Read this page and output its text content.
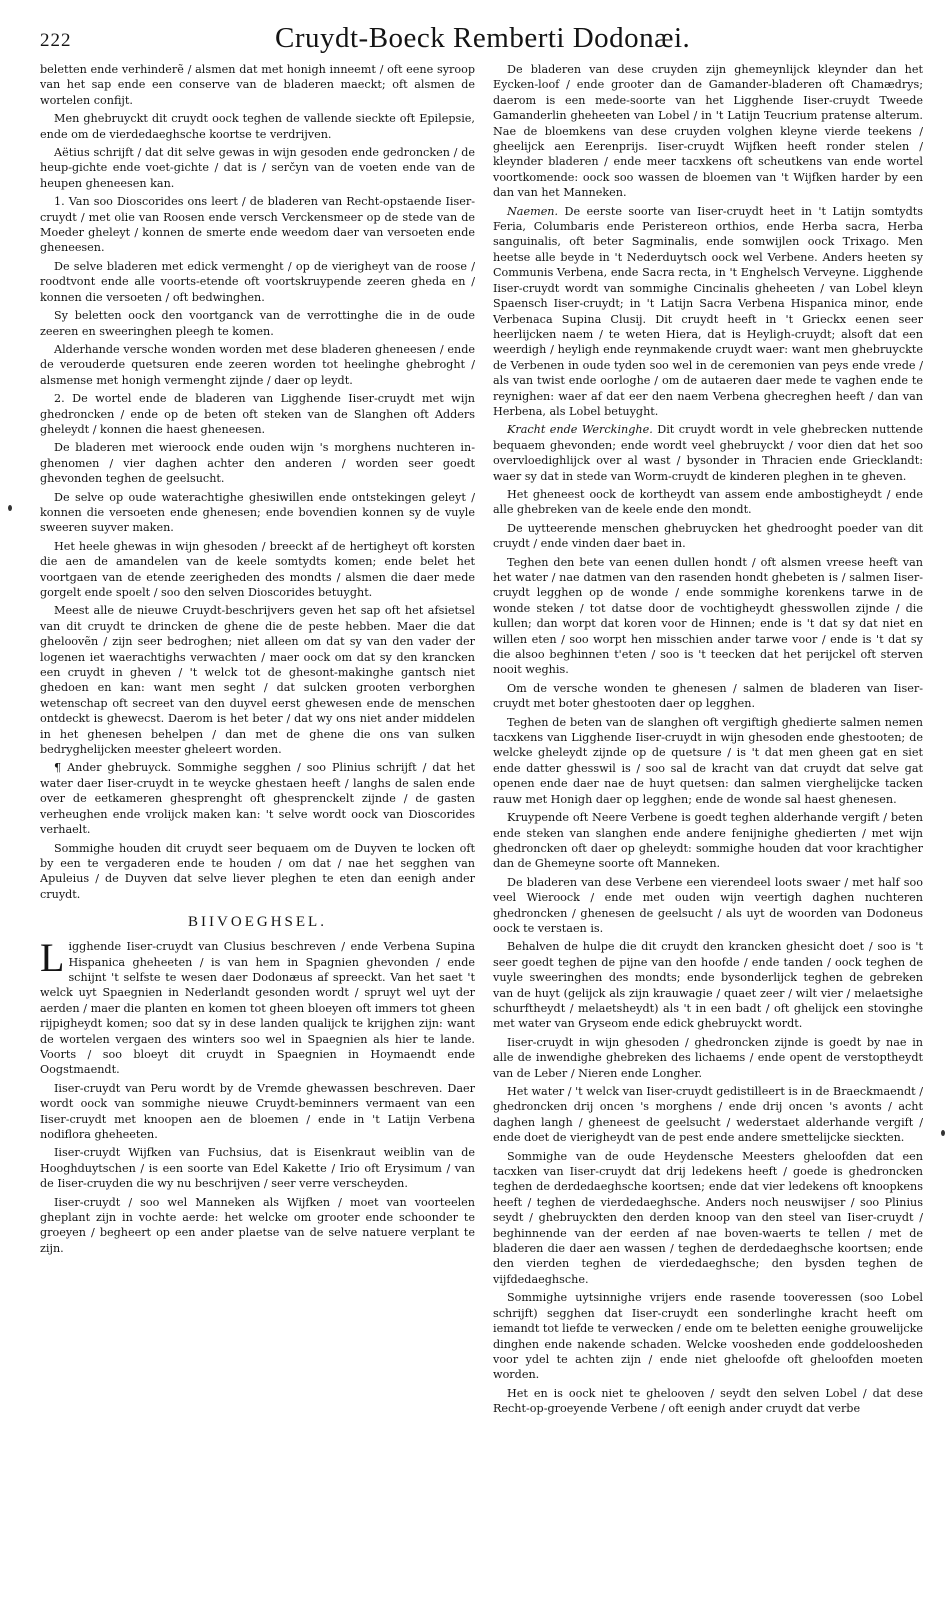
222	Cruydt-Boeck Remberti Dodonæi.

beletten ende verhinderẽ / alsmen dat met honigh inneemt / oft eene syroop van het sap ende een conserve van de bladeren maeckt; oft alsmen de wortelen confijt.

Men ghebruyckt dit cruydt oock teghen de vallende sieckte oft Epilepsie, ende om de vierdedaeghsche koortse te verdrijven.

Aëtius schrijft / dat dit selve gewas in wijn gesoden ende gedroncken / de heup-gichte ende voet-gichte / dat is / serčyn van de voeten ende van de heupen gheneesen kan.

1. Van soo Dioscorides ons leert / de bladeren van Recht-opstaende Iiser-cruydt / met olie van Roosen ende versch Verckensmeer op de stede van de Moeder gheleyt / konnen de smerte ende weedom daer van versoeten ende gheneesen.

De selve bladeren met edick vermenght / op de vierigheyt van de roose / roodtvont ende alle voorts-etende oft voortskruypende zeeren gheda en / konnen die versoeten / oft bedwinghen.

Sy beletten oock den voortganck van de verrottinghe die in de oude zeeren en sweeringhen pleegh te komen.

Alderhande versche wonden worden met dese bladeren gheneesen / ende de verouderde quetsuren ende zeeren worden tot heelinghe ghebroght / alsmense met honigh vermenght zijnde / daer op leydt.

2. De wortel ende de bladeren van Ligghende Iiser-cruydt met wijn ghedroncken / ende op de beten oft steken van de Slanghen oft Adders gheleydt / konnen die haest gheneesen.

De bladeren met wieroock ende ouden wijn 's morghens nuchteren in-ghenomen / vier daghen achter den anderen / worden seer goedt ghevonden teghen de geelsucht.

De selve op oude waterachtighe ghesiwillen ende ontstekingen geleyt / konnen die versoeten ende ghenesen; ende bovendien konnen sy de vuyle sweeren suyver maken.

Het heele ghewas in wijn ghesoden / breeckt af de hertigheyt oft korsten die aen de amandelen van de keele somtydts komen; ende belet het voortgaen van de etende zeerigheden des mondts / alsmen die daer mede gorgelt ende spoelt / soo den selven Dioscorides betuyght.

Meest alle de nieuwe Cruydt-beschrijvers geven het sap oft het afsietsel van dit cruydt te drincken de ghene die de peste hebben. Maer die dat gheloovẽn / zijn seer bedroghen; niet alleen om dat sy van den vader der logenen iet waerachtighs verwachten / maer oock om dat sy den krancken een cruydt in gheven / 't welck tot de ghesont-makinghe gantsch niet ghedoen en kan: want men seght / dat sulcken grooten verborghen wetenschap oft secreet van den duyvel eerst ghewesen ende de menschen ontdeckt is ghewecst. Daerom is het beter / dat wy ons niet ander middelen in het ghenesen behelpen / dan met de ghene die ons van sulken bedryghelijcken meester gheleert worden.

¶ Ander ghebruyck. Sommighe segghen / soo Plinius schrijft / dat het water daer Iiser-cruydt in te weycke ghestaen heeft / langhs de salen ende over de eetkameren ghesprenght oft ghesprenckelt zijnde / de gasten verheughen ende vrolijck maken kan: 't selve wordt oock van Dioscorides verhaelt.

Sommighe houden dit cruydt seer bequaem om de Duyven te locken oft by een te vergaderen ende te houden / om dat / nae het segghen van Apuleius / de Duyven dat selve liever pleghen te eten dan eenigh ander cruydt.

BIIVOEGHSEL.

Ligghende Iiser-cruydt van Clusius beschreven / ende Verbena Supina Hispanica gheheeten / is van hem in Spagnien ghevonden / ende schijnt 't selfste te wesen daer Dodonæus af spreeckt. Van het saet 't welck uyt Spaegnien in Nederlandt gesonden wordt / spruyt wel uyt der aerden / maer die planten en komen tot gheen bloeyen oft immers tot gheen rijpigheydt komen; soo dat sy in dese landen qualijck te krijghen zijn: want de wortelen vergaen des winters soo wel in Spaegnien als hier te lande. Voorts / soo bloeyt dit cruydt in Spaegnien in Hoymaendt ende Oogstmaendt.

Iiser-cruydt van Peru wordt by de Vremde ghewassen beschreven. Daer wordt oock van sommighe nieuwe Cruydt-beminners vermaent van een Iiser-cruydt met knoopen aen de bloemen / ende in 't Latijn Verbena nodiflora gheheeten.

Iiser-cruydt Wijfken van Fuchsius, dat is Eisenkraut weiblin van de Hooghduytschen / is een soorte van Edel Kakette / Irio oft Erysimum / van de Iiser-cruyden die wy nu beschrijven / seer verre verscheyden.

Iiser-cruydt / soo wel Manneken als Wijfken / moet van voorteelen gheplant zijn in vochte aerde: het welcke om grooter ende schoonder te groeyen / begheert op een ander plaetse van de selve natuere verplant te zijn.

De bladeren van dese cruyden zijn ghemeynlijck kleynder dan het Eycken-loof / ende grooter dan de Gamander-bladeren oft Chamædrys; daerom is een mede-soorte van het Ligghende Iiser-cruydt Tweede Gamanderlin gheheeten van Lobel / in 't Latijn Teucrium pratense alterum. Nae de bloemkens van dese cruyden volghen kleyne vierde teekens / gheelijck aen Eerenprijs. Iiser-cruydt Wijfken heeft ronder stelen / kleynder bladeren / ende meer tacxkens oft scheutkens van ende wortel voortkomende: oock soo wassen de bloemen van 't Wijfken harder by een dan van het Manneken.

Naemen. De eerste soorte van Iiser-cruydt heet in 't Latijn somtydts Feria, Columbaris ende Peristereon orthios, ende Herba sacra, Herba sanguinalis, oft beter Sagminalis, ende somwijlen oock Trixago. Men heetse alle beyde in 't Nederduytsch oock wel Verbene. Anders heeten sy Communis Verbena, ende Sacra recta, in 't Enghelsch Verveyne. Ligghende Iiser-cruydt wordt van sommighe Cincinalis gheheeten / van Lobel kleyn Spaensch Iiser-cruydt; in 't Latijn Sacra Verbena Hispanica minor, ende Verbenaca Supina Clusij. Dit cruydt heeft in 't Grieckx eenen seer heerlijcken naem / te weten Hiera, dat is Heyligh-cruydt; alsoft dat een weerdigh / heyligh ende reynmakende cruydt waer: want men ghebruyckte de Verbenen in oude tyden soo wel in de ceremonien van peys ende vrede / als van twist ende oorloghe / om de autaeren daer mede te vaghen ende te reynighen: waer af dat eer den naem Verbena ghecreghen heeft / dan van Herbena, als Lobel betuyght.

Kracht ende Werckinghe. Dit cruydt wordt in vele ghebrecken nuttende bequaem ghevonden; ende wordt veel ghebruyckt / voor dien dat het soo overvloedighlijck over al wast / bysonder in Thracien ende Griecklandt: waer sy dat in stede van Worm-cruydt de kinderen pleghen in te gheven.

Het gheneest oock de kortheydt van assem ende ambostigheydt / ende alle ghebreken van de keele ende den mondt.

De uytteerende menschen ghebruycken het ghedrooght poeder van dit cruydt / ende vinden daer baet in.

Teghen den bete van eenen dullen hondt / oft alsmen vreese heeft van het water / nae datmen van den rasenden hondt ghebeten is / salmen Iiser-cruydt legghen op de wonde / ende sommighe korenkens tarwe in de wonde steken / tot datse door de vochtigheydt ghesswollen zijnde / die kullen; dan worpt dat koren voor de Hinnen; ende is 't dat sy dat niet en willen eten / soo worpt hen misschien ander tarwe voor / ende is 't dat sy die alsoo beghinnen t'eten / soo is 't teecken dat het perijckel oft sterven nooit weghis.

Om de versche wonden te ghenesen / salmen de bladeren van Iiser-cruydt met boter ghestooten daer op legghen.

Teghen de beten van de slanghen oft vergiftigh ghedierte salmen nemen tacxkens van Ligghende Iiser-cruydt in wijn ghesoden ende ghestooten; de welcke gheleydt zijnde op de quetsure / is 't dat men gheen gat en siet ende datter ghesswil is / soo sal de kracht van dat cruydt dat selve gat openen ende daer nae de huyt quetsen: dan salmen vierghelijcke tacken rauw met Honigh daer op legghen; ende de wonde sal haest ghenesen.

Kruypende oft Neere Verbene is goedt teghen alderhande vergift / beten ende steken van slanghen ende andere fenijnighe ghedierten / met wijn ghedroncken oft daer op gheleydt: sommighe houden dat voor krachtigher dan de Ghemeyne soorte oft Manneken.

De bladeren van dese Verbene een vierendeel loots swaer / met half soo veel Wieroock / ende met ouden wijn veertigh daghen nuchteren ghedroncken / ghenesen de geelsucht / als uyt de woorden van Dodoneus oock te verstaen is.

Behalven de hulpe die dit cruydt den krancken ghesicht doet / soo is 't seer goedt teghen de pijne van den hoofde / ende tanden / oock teghen de vuyle sweeringhen des mondts; ende bysonderlijck teghen de gebreken van de huyt (gelijck als zijn krauwagie / quaet zeer / wilt vier / melaetsighe schurftheydt / melaetsheydt) als 't in een badt / oft ghelijck een stovinghe met water van Gryseom ende edick ghebruyckt wordt.

Iiser-cruydt in wijn ghesoden / ghedroncken zijnde is goedt by nae in alle de inwendighe ghebreken des lichaems / ende opent de verstoptheydt van de Leber / Nieren ende Longher.

Het water / 't welck van Iiser-cruydt gedistilleert is in de Braeckmaendt / ghedroncken drij oncen 's morghens / ende drij oncen 's avonts / acht daghen langh / gheneest de geelsucht / wederstaet alderhande vergift / ende doet de vierigheydt van de pest ende andere smettelijcke sieckten.

Sommighe van de oude Heydensche Meesters gheloofden dat een tacxken van Iiser-cruydt dat drij ledekens heeft / goede is ghedroncken teghen de derdedaeghsche koortsen; ende dat vier ledekens oft knoopkens heeft / teghen de vierdedaeghsche. Anders noch neuswijser / soo Plinius seydt / ghebruyckten den derden knoop van den steel van Iiser-cruydt / beghinnende van der eerden af nae boven-waerts te tellen / met de bladeren die daer aen wassen / teghen de derdedaeghsche koortsen; ende den vierden teghen de vierdedaeghsche; den bysden teghen de vijfdedaeghsche.

Sommighe uytsinnighe vrijers ende rasende tooveressen (soo Lobel schrijft) segghen dat Iiser-cruydt een sonderlinghe kracht heeft om iemandt tot liefde te verwecken / ende om te beletten eenighe grouwelijcke dinghen ende nakende schaden. Welcke voosheden ende goddeloosheden voor ydel te achten zijn / ende niet gheloofde oft gheloofden moeten worden.

Het en is oock niet te ghelooven / seydt den selven Lobel / dat dese Recht-op-groeyende Verbene / oft eenigh ander cruydt dat verbe
